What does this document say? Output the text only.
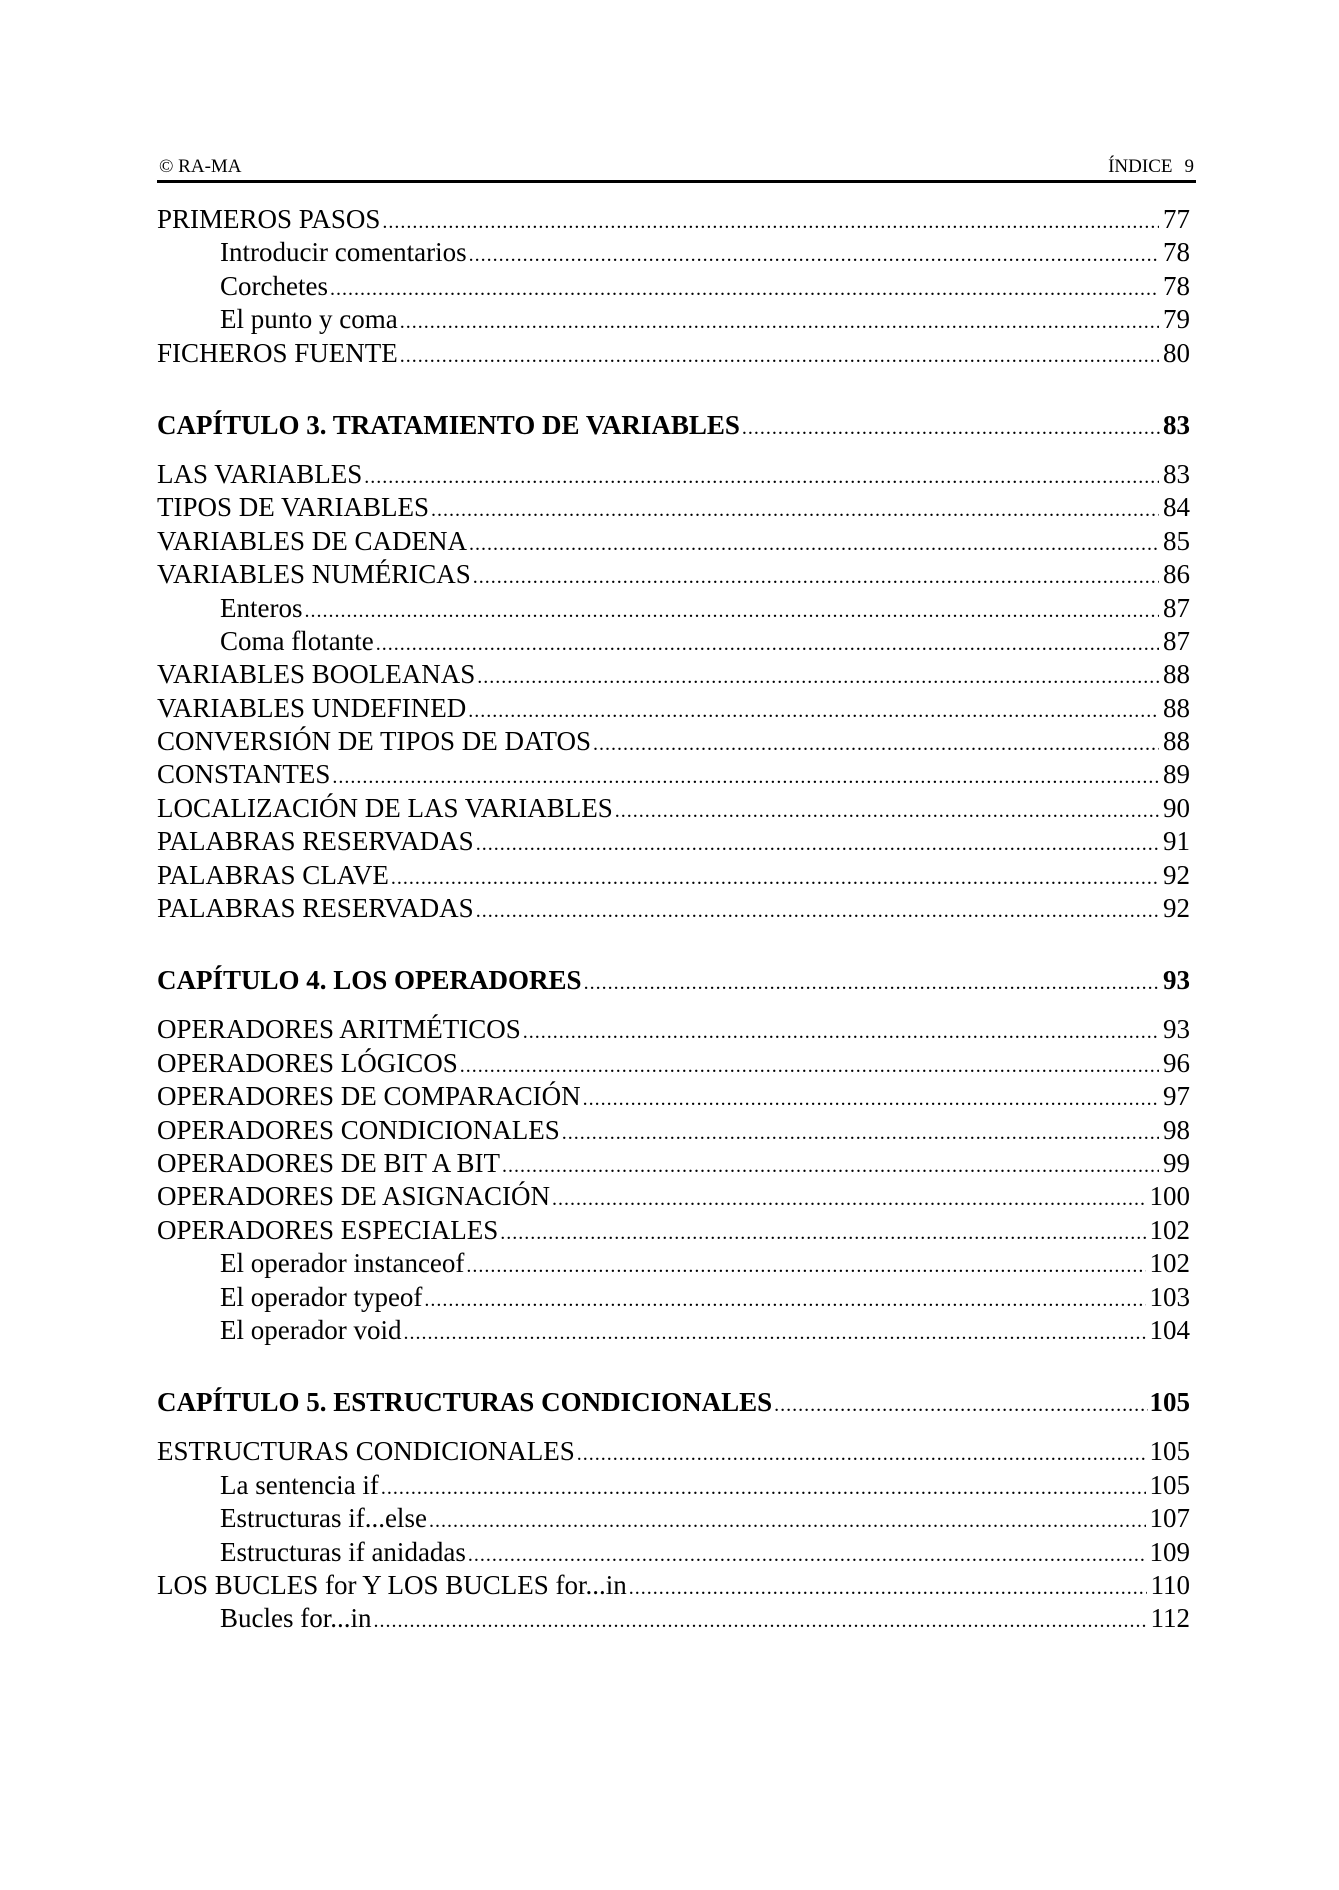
© RA-MA	ÍNDICE 9
PRIMEROS PASOS .....	77
Introducir comentarios .....	78
Corchetes .....	78
El punto y coma .....	79
FICHEROS FUENTE .....	80
CAPÍTULO 3. TRATAMIENTO DE VARIABLES .....	83
LAS VARIABLES .....	83
TIPOS DE VARIABLES .....	84
VARIABLES DE CADENA .....	85
VARIABLES NUMÉRICAS .....	86
Enteros .....	87
Coma flotante .....	87
VARIABLES BOOLEANAS .....	88
VARIABLES UNDEFINED .....	88
CONVERSIÓN DE TIPOS DE DATOS .....	88
CONSTANTES .....	89
LOCALIZACIÓN DE LAS VARIABLES .....	90
PALABRAS RESERVADAS .....	91
PALABRAS CLAVE .....	92
PALABRAS RESERVADAS .....	92
CAPÍTULO 4. LOS OPERADORES .....	93
OPERADORES ARITMÉTICOS .....	93
OPERADORES LÓGICOS .....	96
OPERADORES DE COMPARACIÓN .....	97
OPERADORES CONDICIONALES .....	98
OPERADORES DE BIT A BIT .....	99
OPERADORES DE ASIGNACIÓN .....	100
OPERADORES ESPECIALES .....	102
El operador instanceof .....	102
El operador typeof .....	103
El operador void .....	104
CAPÍTULO 5. ESTRUCTURAS CONDICIONALES .....	105
ESTRUCTURAS CONDICIONALES .....	105
La sentencia if .....	105
Estructuras if...else .....	107
Estructuras if anidadas .....	109
LOS BUCLES for Y LOS BUCLES for...in .....	110
Bucles for...in .....	112
